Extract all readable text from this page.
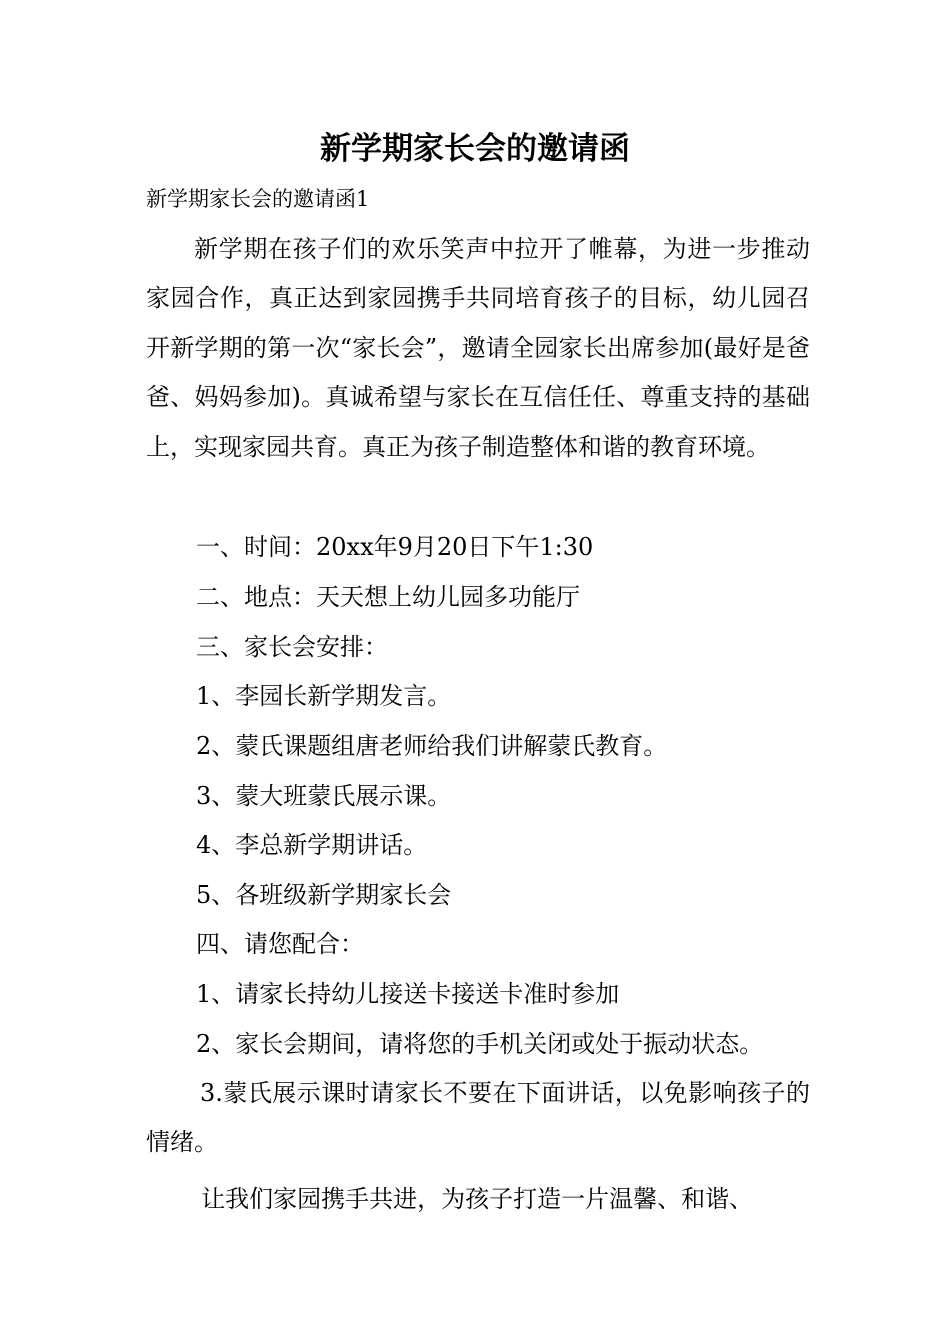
新学期家长会的邀请函

新学期家长会的邀请函1

新学期在孩子们的欢乐笑声中拉开了帷幕，为进一步推动家园合作，真正达到家园携手共同培育孩子的目标，幼儿园召开新学期的第一次“家长会”，邀请全园家长出席参加(最好是爸爸、妈妈参加)。真诚希望与家长在互信任任、尊重支持的基础上，实现家园共育。真正为孩子制造整体和谐的教育环境。

一、时间：20xx年9月20日下午1:30

二、地点：天天想上幼儿园多功能厅

三、家长会安排：

1、李园长新学期发言。

2、蒙氏课题组唐老师给我们讲解蒙氏教育。

3、蒙大班蒙氏展示课。

4、李总新学期讲话。

5、各班级新学期家长会

四、请您配合：

1、请家长持幼儿接送卡接送卡准时参加

2、家长会期间，请将您的手机关闭或处于振动状态。

3.蒙氏展示课时请家长不要在下面讲话，以免影响孩子的情绪。

让我们家园携手共进，为孩子打造一片温馨、和谐、
